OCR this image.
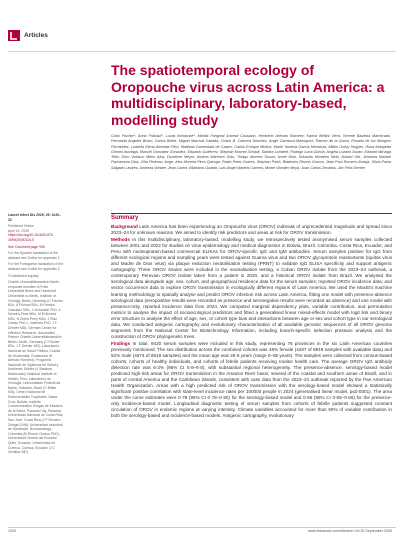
Articles
The spatiotemporal ecology of Oropouche virus across Latin America: a multidisciplinary, laboratory-based, modelling study

Carlo Fischer*, Anna Frühauf*, Lucas Inchauste*, Marilia Farignoli Ancesti Cassiano, Heriberto Arévalo Ramírez, Karina Bettini Viera, Vicente Bautista Machicado, Fernanda Angeles Bravo, Carlos Brites, Miguel Maroval Caballa, Charis B. Cobrera Sánchez, Angie Carrasco-Manriquez, Ramón de la Garza, Rosario de los Milagros Fernández, Ludmila Elena Almeida Filho, Matthias Dornentald de Castro, Carlos Enrique Muñoz, Marle Yasenia García Mendoza, Mitiko Gotoy Hegyes, Rosa Margarita Gómez-Iturriaga, Manuel Gonzalez Gonzalez, Eduardo Gutierrez, Stephan Kramer-Schadt, Sandra Lambert, Rodrigo Luna Garcia, Angela Lozano Duran, Edward Ma'aiga Tello, Doro Velasco Meiro Alva, Dorothee Meyer, Andrea Marenco Soto, Thiago Moreno Souza, Ivone Nino, Eduardo Monteiro Neto, Nubert Obi, Johanna Maribel Pachamora Diaz, Cilia Pedroso Jorge, Ines Moreira Pires Quiroga, Pablo Peter Ovares, Stephan Prieß, Bladimiro Rincón Orozco, Jean Paul Romero-Zúniga, Silvia Paula Salgado Linares, Andreas Winder, Jean Carlos Villalobos Gualdo, Luis Angel Martins Carrera, Monte Wander Moya, Juan Carlos Zevallos, Jan Felix Drexler

Lancet Infect Dis 2025; 25: 1020–32

Published Online
April 14, 2025
https://doi.org/10.1016/S1473-3099(25)00110-0

See Comment page 945

For the Spanish translation of the abstract see Online for appendix 1

For the Portuguese translation of the abstract see Online for appendix 2

*Contributed equally

Charité-Universitätsmedizin Berlin, corporate member of Freie Universität Berlin and Humboldt-Universität zu Berlin, Institute of Virology, Berlin, Germany (C Fischer BSc, A Frühauf BSc, M Pereira-Cassiano MSc, L Inchauste PhD, A Moreira-Pires MSc, M M Ahrens MSc, N Zebra Perry MSc, J Ruiz Cheau PhD, L Valencia PhD, J F Drexler MD); German Centre for Infection Research, Associated Partner Charité-Universitätsmedizin Berlin, Berlin, Germany (C Fischer BSc, J F Drexler MD); Laboratorio Nacional de Salud Pública, Ciudad de Guatemala, Guatemala (H Arévalo Ramírez); Programa Nacional de Vigilancia de Salud y Ambiente, Bolivia (V Bautista Machicado); National Institute of Health, Peru; Laboratorio de Virología, Universidade Federal da Bahia, Salvador, Brazil (C Brites MD); Centro Nacional de Enfermedades Tropicales, Santa Cruz, Bolivia; Instituto Conmemorativo Gorgas de Estudios de la Salud, Panama City, Panama; Universidad Nacional de Costa Rica, San José, Costa Rica (J P Romero-Zúniga DVM); Universidad Industrial de Santander, Bucaramanga, Colombia (B Rincón Orozco PhD); Universidad Central del Ecuador, Quito, Ecuador; Universidad de Cuenca, Cuenca, Ecuador (J C Zevallos MD)

Summary

Background Latin America has been experiencing an Oropouche virus (OROV) outbreak of unprecedented magnitude and spread since 2023–24 for unknown reasons. We aimed to identify risk predictors and areas at risk for OROV transmission.

Methods In this multidisciplinary, laboratory-based, modelling study, we retrospectively tested anonymised serum samples collected between 2001 and 2022 for studies on virus epidemiology and medical diagnostics in Bolivia, Brazil, Colombia, Costa Rica, Ecuador, and Peru with nucleoprotein-based commercial ELISAs for OROV-specific IgG and IgM antibodies. Serum samples positive for IgG from different ecological regions and sampling years were tested against Guama virus and two OROV glycoprotein reassortants (Iquitos virus and Madre de Dios virus) via plaque reduction neutralisation testing (PRNT) to validate IgG ELISA specificity and support antigenic cartography. Three OROV strains were included in the neutralisation testing, a Cuban OROV isolate from the 2023–24 outbreak, a contemporary Peruvian OROV isolate taken from a patient in 2020, and a historical OROV isolate from Brazil. We analysed the serological data alongside age, sex, cohort, and geographical residence data for the serum samples; reported OROV incidence data; and vector occurrence data to explore OROV transmission in ecologically different regions of Latin America. We used the MaxEnt machine learning methodology to spatially analyse and predict OROV infection risk across Latin America, fitting one model with presence-absence serological data (seropositive results were recorded as presence and seronegative results were recorded as absence) and one model with presence-only, reported incidence data from 2024. We computed marginal dependency plots, variable contribution, and permutation metrics to analyse the impact of socioecological predictors and fitted a generalised linear mixed-effects model with logit link and binary error structure to analyse the effect of age, sex, or cohort type bias and interactions between age or sex and cohort type in our serological data. We conducted antigenic cartography and evolutionary characterisation of all available genomic sequences of all OROV genome segments from the National Center for Biotechnology Information, including branch-specific selection pressure analysis and the construction of OROV phylogenetic trees.

Findings In total, 9420 serum samples were included in this study, representing 76 provinces in the six Latin American countries previously mentioned. The sex distribution across the combined cohorts was 48% female (4287 of 8919 samples with available data) and 52% male (4674 of 8919 samples) and the mean age was 29·5 years (range 0–95 years). The samples were collected from census-based cohorts, cohorts of healthy individuals, and cohorts of febrile patients receiving routine health care. The average OROV IgG antibody detection rate was 6·3% (95% CI 5·8–6·8), with substantial regional heterogeneity. The presence-absence, serology-based model predicted high-risk areas for OROV transmission in the Amazon River basin, several of the coastal and southern areas of Brazil, and in parts of central America and the Caribbean islands, consistent with case data from the 2023–24 outbreak reported by the Pan American Health Organization. Areas with a high predicted risk of OROV transmission with the serology-based model showed a statistically significant positive correlation with state-level incidence rates per 100000 people in 2024 (generalised linear model, p≤0·0001). The area under the curve estimates were 0·79 (95% CI 0·78–0·80) for the serology-based model and 0·66 (95% CI 0·65–0·66) for the presence-only incidence-based model. Longitudinal diagnostic testing of serum samples from cohorts of febrile patients suggested constant circulation of OROV in endemic regions at varying intensity. Climate variables accounted for more than 60% of variable contribution in both the serology-based and incidence-based models. Antigenic cartography, evolutionary

1020	www.thelancet.com/infection Vol 25 September 2025
